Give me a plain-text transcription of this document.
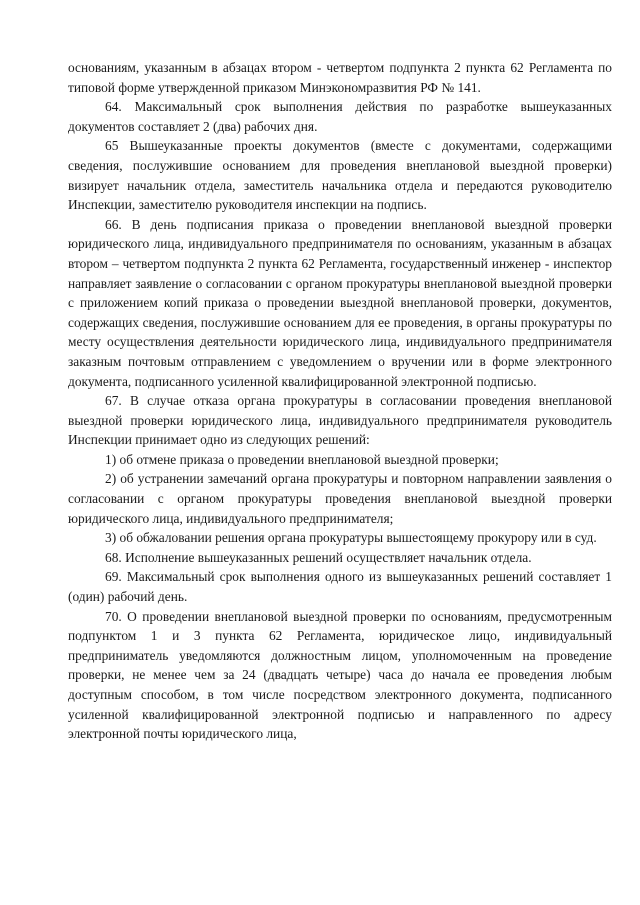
основаниям, указанным в абзацах втором - четвертом подпункта 2 пункта 62 Регламента по типовой форме утвержденной приказом Минэкономразвития РФ № 141.

64. Максимальный срок выполнения действия по разработке вышеуказанных документов составляет 2 (два) рабочих дня.

65 Вышеуказанные проекты документов (вместе с документами, содержащими сведения, послужившие основанием для проведения внеплановой выездной проверки) визирует начальник отдела, заместитель начальника отдела и передаются руководителю Инспекции, заместителю руководителя инспекции на подпись.

66. В день подписания приказа о проведении внеплановой выездной проверки юридического лица, индивидуального предпринимателя по основаниям, указанным в абзацах втором – четвертом подпункта 2 пункта 62 Регламента, государственный инженер - инспектор направляет заявление о согласовании с органом прокуратуры внеплановой выездной проверки с приложением копий приказа о проведении выездной внеплановой проверки, документов, содержащих сведения, послужившие основанием для ее проведения, в органы прокуратуры по месту осуществления деятельности юридического лица, индивидуального предпринимателя заказным почтовым отправлением с уведомлением о вручении или в форме электронного документа, подписанного усиленной квалифицированной электронной подписью.

67. В случае отказа органа прокуратуры в согласовании проведения внеплановой выездной проверки юридического лица, индивидуального предпринимателя руководитель Инспекции принимает одно из следующих решений:

1) об отмене приказа о проведении внеплановой выездной проверки;

2) об устранении замечаний органа прокуратуры и повторном направлении заявления о согласовании с органом прокуратуры проведения внеплановой выездной проверки юридического лица, индивидуального предпринимателя;

3) об обжаловании решения органа прокуратуры вышестоящему прокурору или в суд.

68. Исполнение вышеуказанных решений осуществляет начальник отдела.

69. Максимальный срок выполнения одного из вышеуказанных решений составляет 1 (один) рабочий день.

70. О проведении внеплановой выездной проверки по основаниям, предусмотренным подпунктом 1 и 3 пункта 62 Регламента, юридическое лицо, индивидуальный предприниматель уведомляются должностным лицом, уполномоченным на проведение проверки, не менее чем за 24 (двадцать четыре) часа до начала ее проведения любым доступным способом, в том числе посредством электронного документа, подписанного усиленной квалифицированной электронной подписью и направленного по адресу электронной почты юридического лица,
